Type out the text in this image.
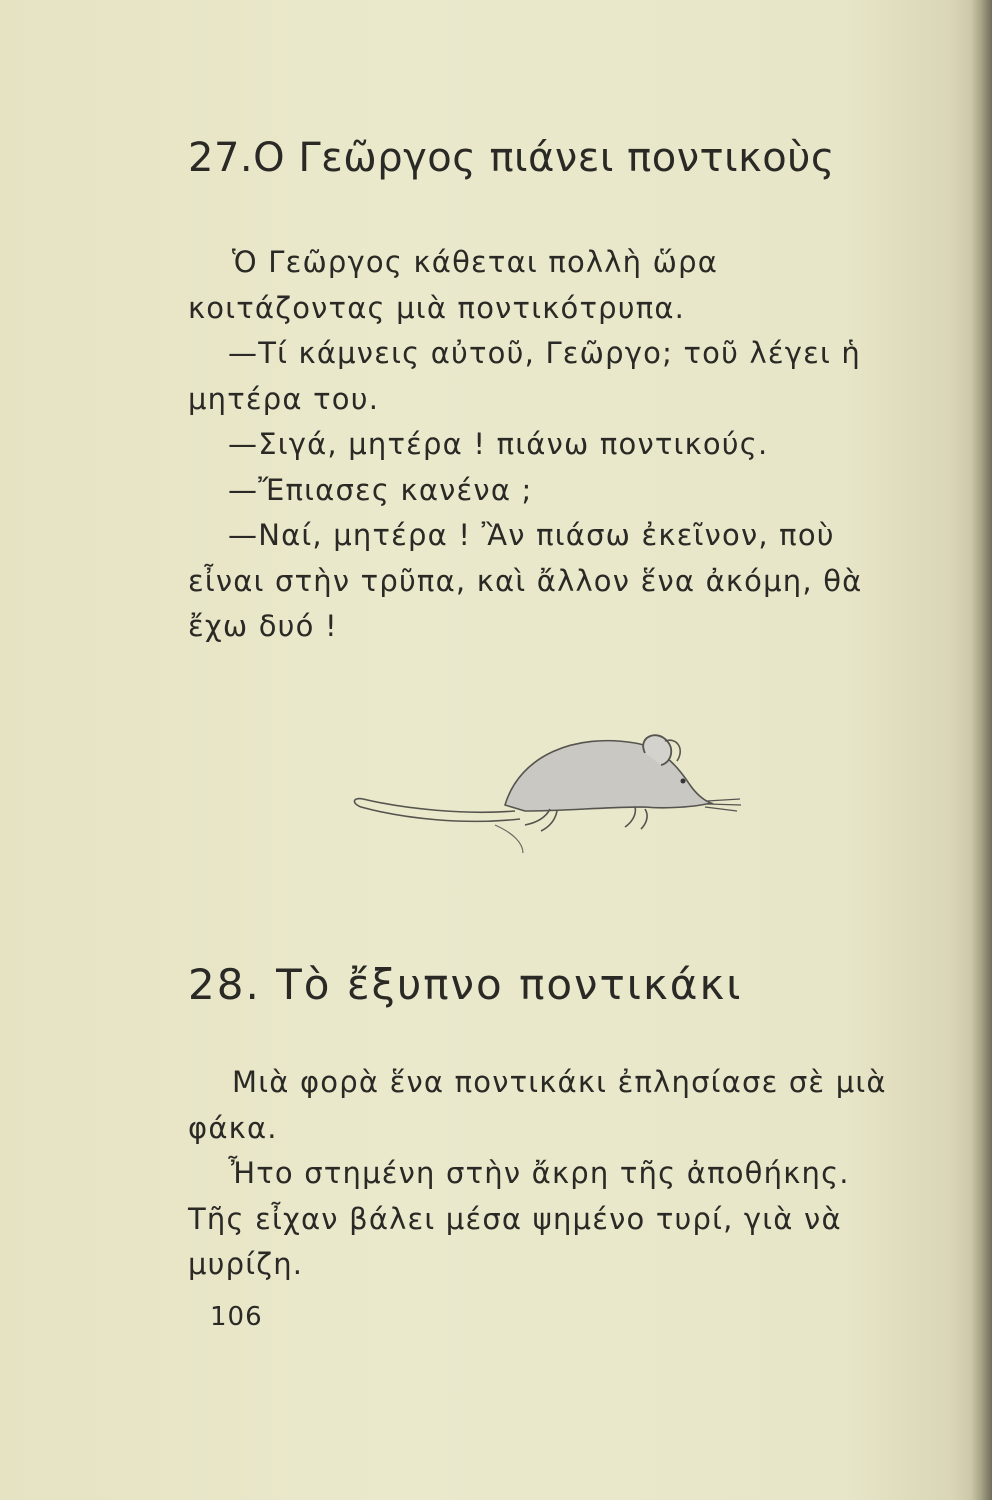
27.Ο Γεῶργος πιάνει ποντικοὺς

Ὁ Γεῶργος κάθεται πολλὴ ὥρα κοιτάζοντας μιὰ ποντικότρυπα.

—Τί κάμνεις αὐτοῦ, Γεῶργο; τοῦ λέγει ἡ μητέρα του.

—Σιγά, μητέρα ! πιάνω ποντικούς.

—Ἔπιασες κανένα ;

—Ναί, μητέρα ! Ἂν πιάσω ἐκεῖνον, ποὺ εἶναι στὴν τρῦπα, καὶ ἄλλον ἕνα ἀκόμη, θὰ ἔχω δυό !

28. Τὸ ἔξυπνο ποντικάκι

Μιὰ φορὰ ἕνα ποντικάκι ἐπλησίασε σὲ μιὰ φάκα.

Ἦτο στημένη στὴν ἄκρη τῆς ἀποθήκης. Τῆς εἶχαν βάλει μέσα ψημένο τυρί, γιὰ νὰ μυρίζη.

106
